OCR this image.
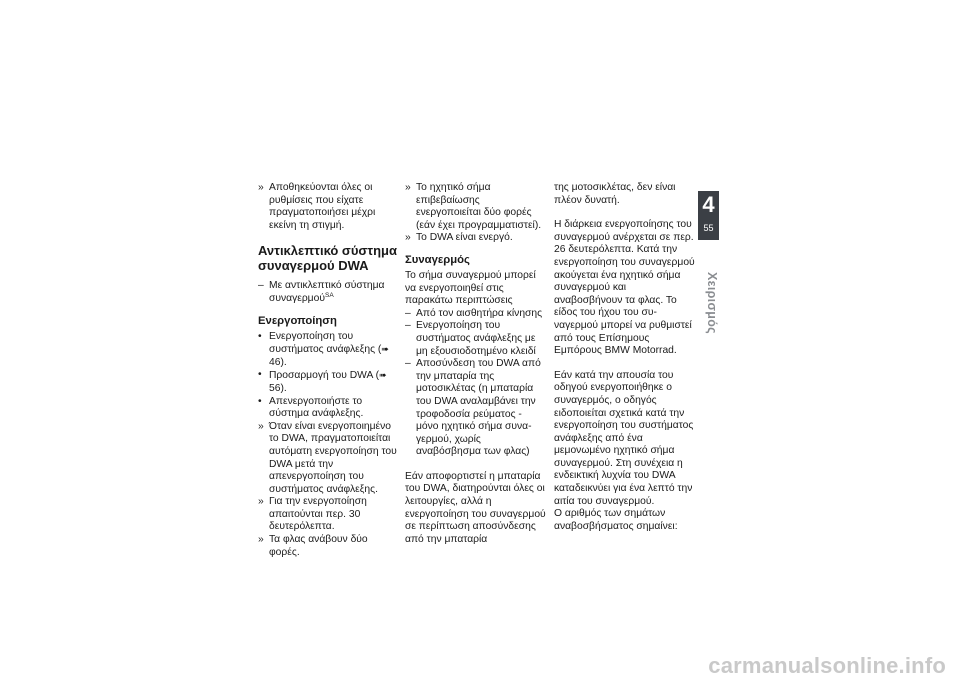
» Αποθηκεύονται όλες οι ρυθμίσεις που είχατε πραγματοποιήσει μέχρι εκείνη τη στιγμή.
Αντικλεπτικό σύστημα συναγερμού DWA
– Με αντικλεπτικό σύστημα συναγερμού$^{SA}$
Ενεργοποίηση
• Ενεργοποίηση του συστήματος ανάφλεξης (➠ 46).
• Προσαρμογή του DWA (➠ 56).
• Απενεργοποιήστε το σύστημα ανάφλεξης.
» Όταν είναι ενεργοποιημένο το DWA, πραγματοποιείται αυτόματη ενεργοποίηση του DWA μετά την απενεργοποίηση του συστήματος ανάφλεξης.
» Για την ενεργοποίηση απαιτούνται περ. 30 δευτερόλεπτα.
» Τα φλας ανάβουν δύο φορές.
» Το ηχητικό σήμα επιβεβαίωσης ενεργοποιείται δύο φορές (εάν έχει προγραμματιστεί).
» Το DWA είναι ενεργό.
Συναγερμός

Το σήμα συναγερμού μπορεί να ενεργοποιηθεί στις παρακάτω περιπτώσεις

– Από τον αισθητήρα κίνησης
– Ενεργοποίηση του συστήματος ανάφλεξης με μη εξουσιοδοτημένο κλειδί
– Αποσύνδεση του DWA από την μπαταρία της μοτοσικλέτας (η μπαταρία του DWA αναλαμβάνει την τροφοδοσία ρεύματος - μόνο ηχητικό σήμα συναγερμού, χωρίς αναβόσβησμα των φλας)

Εάν αποφορτιστεί η μπαταρία του DWA, διατηρούνται όλες οι λειτουργίες, αλλά η ενεργοποίηση του συναγερμού σε περίπτωση αποσύνδεσης από την μπαταρία

της μοτοσικλέτας, δεν είναι πλέον δυνατή.

Η διάρκεια ενεργοποίησης του συναγερμού ανέρχεται σε περ. 26 δευτερόλεπτα. Κατά την ενεργοποίηση του συναγερμού ακούγεται ένα ηχητικό σήμα συναγερμού και αναβοσβήνουν τα φλας. Το είδος του ήχου του συναγερμού μπορεί να ρυθμιστεί από τους Επίσημους Εμπόρους BMW Motorrad.

Εάν κατά την απουσία του οδηγού ενεργοποιήθηκε ο συναγερμός, ο οδηγός ειδοποιείται σχετικά κατά την ενεργοποίηση του συστήματος ανάφλεξης από ένα μεμονωμένο ηχητικό σήμα συναγερμού. Στη συνέχεια η ενδεικτική λυχνία του DWA καταδεικνύει για ένα λεπτό την αιτία του συναγερμού.

Ο αριθμός των σημάτων αναβοσβήσματος σημαίνει:

4
55
Χειρισμός
carmanualsonline.info
